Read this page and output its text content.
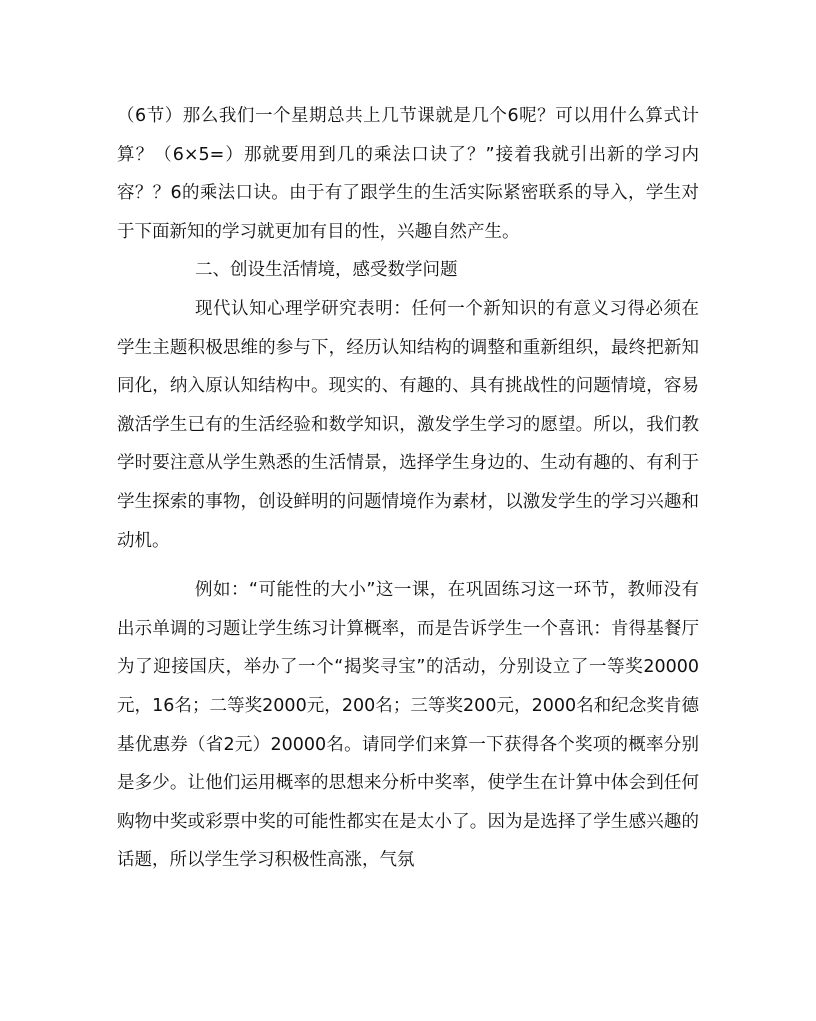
（6节）那么我们一个星期总共上几节课就是几个6呢？可以用什么算式计算？（6×5=）那就要用到几的乘法口诀了？”接着我就引出新的学习内容？？6的乘法口诀。由于有了跟学生的生活实际紧密联系的导入，学生对于下面新知的学习就更加有目的性，兴趣自然产生。

二、创设生活情境，感受数学问题

现代认知心理学研究表明：任何一个新知识的有意义习得必须在学生主题积极思维的参与下，经历认知结构的调整和重新组织，最终把新知同化，纳入原认知结构中。现实的、有趣的、具有挑战性的问题情境，容易激活学生已有的生活经验和数学知识，激发学生学习的愿望。所以，我们教学时要注意从学生熟悉的生活情景，选择学生身边的、生动有趣的、有利于学生探索的事物，创设鲜明的问题情境作为素材，以激发学生的学习兴趣和动机。

例如：“可能性的大小”这一课，在巩固练习这一环节，教师没有出示单调的习题让学生练习计算概率，而是告诉学生一个喜讯：肯得基餐厅为了迎接国庆，举办了一个“揭奖寻宝”的活动，分别设立了一等奖20000元，16名；二等奖2000元，200名；三等奖200元，2000名和纪念奖肯德基优惠券（省2元）20000名。请同学们来算一下获得各个奖项的概率分别是多少。让他们运用概率的思想来分析中奖率，使学生在计算中体会到任何购物中奖或彩票中奖的可能性都实在是太小了。因为是选择了学生感兴趣的话题，所以学生学习积极性高涨，气氛
